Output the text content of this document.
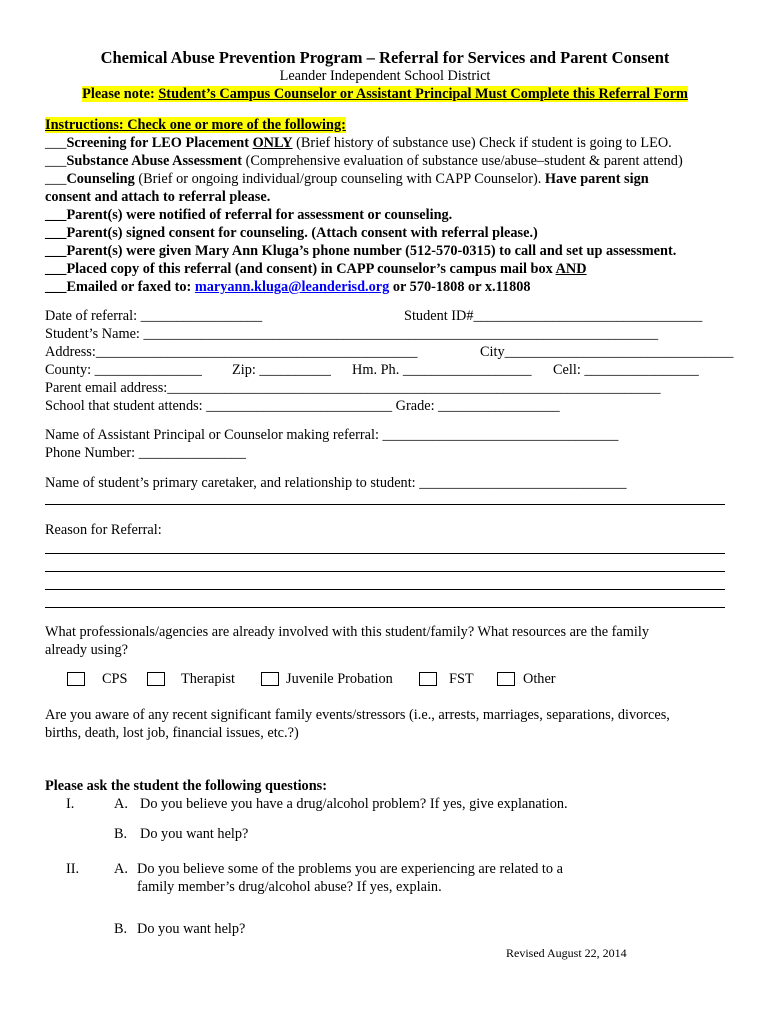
Chemical Abuse Prevention Program – Referral for Services and Parent Consent
Leander Independent School District
Please note: Student’s Campus Counselor or Assistant Principal Must Complete this Referral Form
Instructions: Check one or more of the following:
___Screening for LEO Placement ONLY (Brief history of substance use) Check if student is going to LEO.
___Substance Abuse Assessment (Comprehensive evaluation of substance use/abuse–student & parent attend)
___Counseling (Brief or ongoing individual/group counseling with CAPP Counselor). Have parent sign
consent and attach to referral please.
___Parent(s) were notified of referral for assessment or counseling.
___Parent(s) signed consent for counseling. (Attach consent with referral please.)
___Parent(s) were given Mary Ann Kluga’s phone number (512-570-0315) to call and set up assessment.
___Placed copy of this referral (and consent) in CAPP counselor’s campus mail box AND
___Emailed or faxed to: maryann.kluga@leanderisd.org or 570-1808 or x.11808
Date of referral: _________________	Student ID#________________________________
Student’s Name: ________________________________________________________________________
Address:_____________________________________________	City________________________________
County: _______________ Zip: __________ Hm. Ph. __________________ Cell: ________________
Parent email address:_____________________________________________________________________
School that student attends: __________________________ Grade: _________________
Name of Assistant Principal or Counselor making referral: _________________________________
Phone Number: _______________
Name of student’s primary caretaker, and relationship to student: _____________________________
Reason for Referral:
What professionals/agencies are already involved with this student/family? What resources are the family
already using?
CPS	Therapist	Juvenile Probation	FST	Other
Are you aware of any recent significant family events/stressors (i.e., arrests, marriages, separations, divorces,
births, death, lost job, financial issues, etc.?)
Please ask the student the following questions:
I.	A. Do you believe you have a drug/alcohol problem? If yes, give explanation.
B. Do you want help?
II. A. Do you believe some of the problems you are experiencing are related to a
family member’s drug/alcohol abuse? If yes, explain.
B. Do you want help?
Revised August 22, 2014
